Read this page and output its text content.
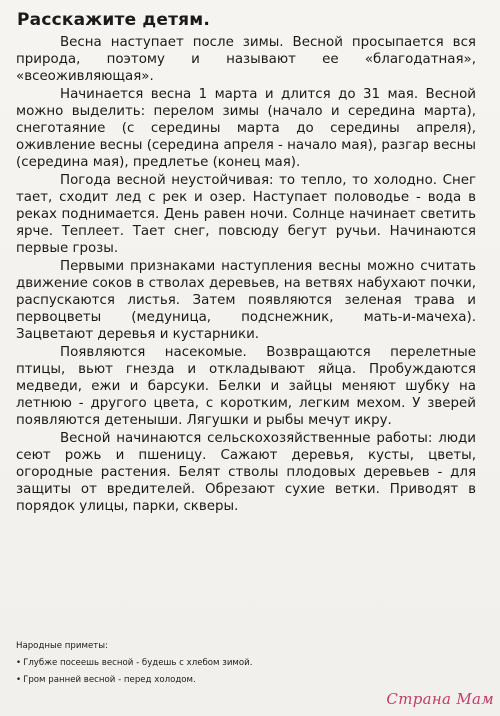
Расскажите детям.

Весна наступает после зимы. Весной просыпается вся природа, поэтому и называют ее «благодатная», «всеоживляющая».

Начинается весна 1 марта и длится до 31 мая. Весной можно выделить: перелом зимы (начало и середина марта), снеготаяние (с середины марта до середины апреля), оживление весны (середина апреля - начало мая), разгар весны (середина мая), предлетье (конец мая).

Погода весной неустойчивая: то тепло, то холодно. Снег тает, сходит лед с рек и озер. Наступает половодье - вода в реках поднимается. День равен ночи. Солнце начинает светить ярче. Теплеет. Тает снег, повсюду бегут ручьи. Начинаются первые грозы.

Первыми признаками наступления весны можно считать движение соков в стволах деревьев, на ветвях набухают почки, распускаются листья. Затем появляются зеленая трава и первоцветы (медуница, подснежник, мать-и-мачеха). Зацветают деревья и кустарники.

Появляются насекомые. Возвращаются перелетные птицы, вьют гнезда и откладывают яйца. Пробуждаются медведи, ежи и барсуки. Белки и зайцы меняют шубку на летнюю - другого цвета, с коротким, легким мехом. У зверей появляются детеныши. Лягушки и рыбы мечут икру.

Весной начинаются сельскохозяйственные работы: люди сеют рожь и пшеницу. Сажают деревья, кусты, цветы, огородные растения. Белят стволы плодовых деревьев - для защиты от вредителей. Обрезают сухие ветки. Приводят в порядок улицы, парки, скверы.

Народные приметы:
• Глубже посеешь весной - будешь с хлебом зимой.
• Гром ранней весной - перед холодом.
Страна Мам
